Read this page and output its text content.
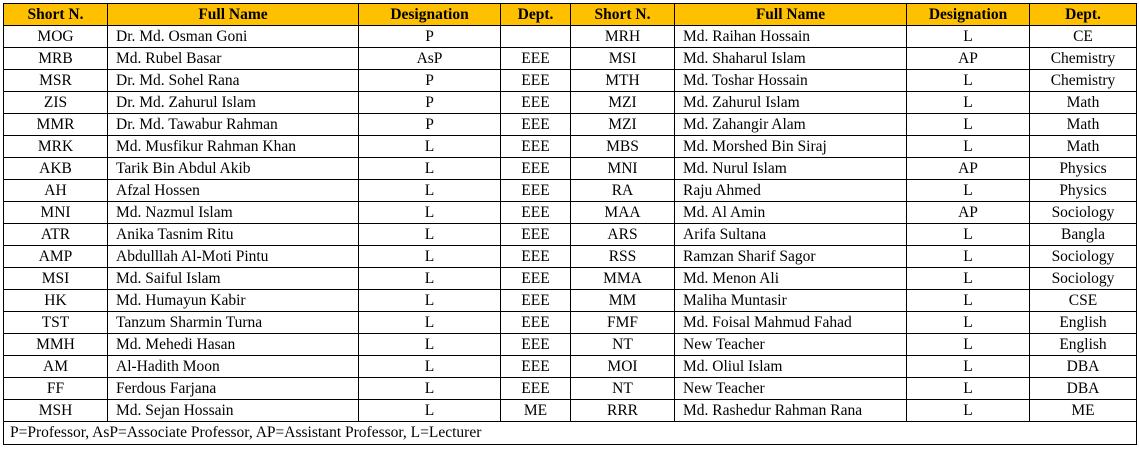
Short N.	Full Name	Designation	Dept.	Short N.	Full Name	Designation	Dept.
MOG	Dr. Md. Osman Goni	P		MRH	Md. Raihan Hossain	L	CE
MRB	Md. Rubel Basar	AsP	EEE	MSI	Md. Shaharul Islam	AP	Chemistry
MSR	Dr. Md. Sohel Rana	P	EEE	MTH	Md. Toshar Hossain	L	Chemistry
ZIS	Dr. Md. Zahurul Islam	P	EEE	MZI	Md. Zahurul Islam	L	Math
MMR	Dr. Md. Tawabur Rahman	P	EEE	MZI	Md. Zahangir Alam	L	Math
MRK	Md. Musfikur Rahman Khan	L	EEE	MBS	Md. Morshed Bin Siraj	L	Math
AKB	Tarik Bin Abdul Akib	L	EEE	MNI	Md. Nurul Islam	AP	Physics
AH	Afzal Hossen	L	EEE	RA	Raju Ahmed	L	Physics
MNI	Md. Nazmul Islam	L	EEE	MAA	Md. Al Amin	AP	Sociology
ATR	Anika Tasnim Ritu	L	EEE	ARS	Arifa Sultana	L	Bangla
AMP	Abdulllah Al-Moti Pintu	L	EEE	RSS	Ramzan Sharif Sagor	L	Sociology
MSI	Md. Saiful Islam	L	EEE	MMA	Md. Menon Ali	L	Sociology
HK	Md. Humayun Kabir	L	EEE	MM	Maliha Muntasir	L	CSE
TST	Tanzum Sharmin Turna	L	EEE	FMF	Md. Foisal Mahmud Fahad	L	English
MMH	Md. Mehedi Hasan	L	EEE	NT	New Teacher	L	English
AM	Al-Hadith Moon	L	EEE	MOI	Md. Oliul Islam	L	DBA
FF	Ferdous Farjana	L	EEE	NT	New Teacher	L	DBA
MSH	Md. Sejan Hossain	L	ME	RRR	Md. Rashedur Rahman Rana	L	ME
P=Professor, AsP=Associate Professor, AP=Assistant Professor, L=Lecturer							
